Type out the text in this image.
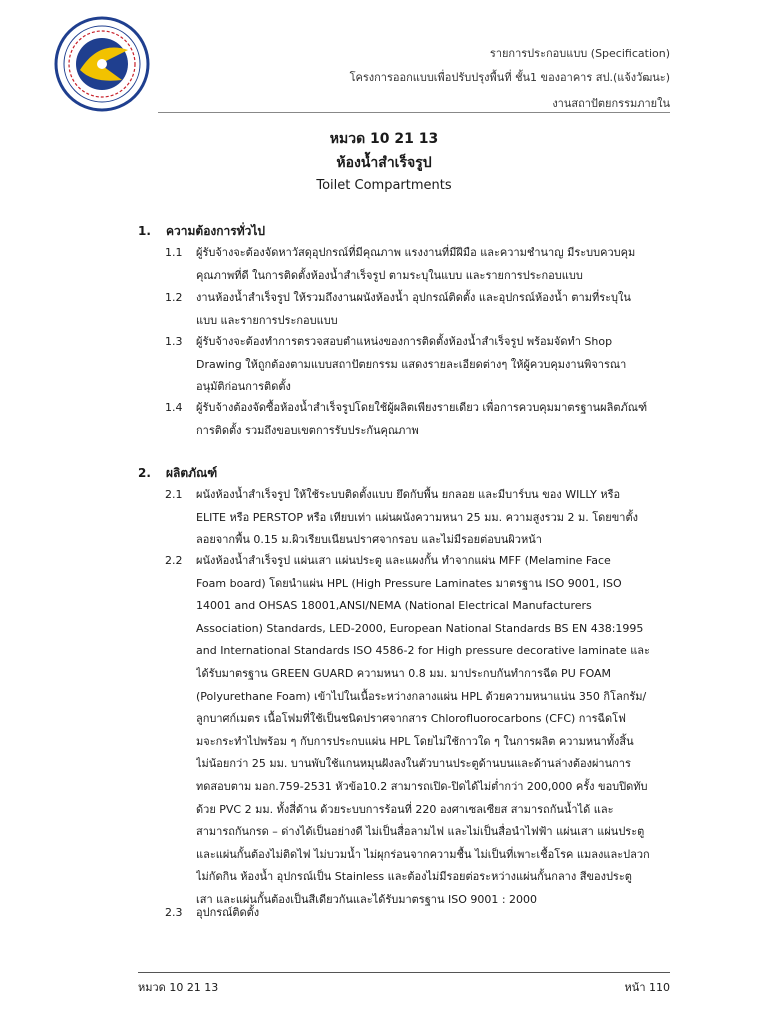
รายการประกอบแบบ (Specification)
โครงการออกแบบเพื่อปรับปรุงพื้นที่ ชั้น1 ของอาคาร สป.(แจ้งวัฒนะ)
งานสถาปัตยกรรมภายใน
หมวด 10 21 13
ห้องน้ำสำเร็จรูป
Toilet Compartments
1. ความต้องการทั่วไป
1.1	ผู้รับจ้างจะต้องจัดหาวัสดุอุปกรณ์ที่มีคุณภาพ แรงงานที่มีฝีมือ และความชำนาญ มีระบบควบคุม
คุณภาพที่ดี ในการติดตั้งห้องน้ำสำเร็จรูป ตามระบุในแบบ และรายการประกอบแบบ
1.2	งานห้องน้ำสำเร็จรูป ให้รวมถึงงานผนังห้องน้ำ อุปกรณ์ติดตั้ง และอุปกรณ์ห้องน้ำ ตามที่ระบุใน
แบบ และรายการประกอบแบบ
1.3	ผู้รับจ้างจะต้องทำการตรวจสอบตำแหน่งของการติดตั้งห้องน้ำสำเร็จรูป พร้อมจัดทำ Shop
Drawing ให้ถูกต้องตามแบบสถาปัตยกรรม แสดงรายละเอียดต่างๆ ให้ผู้ควบคุมงานพิจารณา
อนุมัติก่อนการติดตั้ง
1.4	ผู้รับจ้างต้องจัดซื้อห้องน้ำสำเร็จรูปโดยใช้ผู้ผลิตเพียงรายเดียว เพื่อการควบคุมมาตรฐานผลิตภัณฑ์
การติดตั้ง รวมถึงขอบเขตการรับประกันคุณภาพ
2. ผลิตภัณฑ์
2.1	ผนังห้องน้ำสำเร็จรูป ให้ใช้ระบบติดตั้งแบบ ยึดกับพื้น ยกลอย และมีบาร์บน ของ WILLY หรือ
ELITE หรือ PERSTOP หรือ เทียบเท่า แผ่นผนังความหนา 25 มม. ความสูงรวม 2 ม. โดยขาตั้ง
ลอยจากพื้น 0.15 ม.ผิวเรียบเนียนปราศจากรอบ และไม่มีรอยต่อบนผิวหน้า
2.2	ผนังห้องน้ำสำเร็จรูป แผ่นเสา แผ่นประตู และแผงกั้น ทำจากแผ่น MFF (Melamine Face
Foam board) โดยนำแผ่น HPL (High Pressure Laminates มาตรฐาน ISO 9001, ISO
14001 and OHSAS 18001,ANSI/NEMA (National Electrical Manufacturers
Association) Standards, LED-2000, European National Standards BS EN 438:1995
and International Standards ISO 4586-2 for High pressure decorative laminate และ
ได้รับมาตรฐาน GREEN GUARD ความหนา 0.8 มม. มาประกบกันทำการฉีด PU FOAM
(Polyurethane Foam) เข้าไปในเนื้อระหว่างกลางแผ่น HPL ด้วยความหนาแน่น 350 กิโลกรัม/
ลูกบาศก์เมตร เนื้อโฟมที่ใช้เป็นชนิดปราศจากสาร Chlorofluorocarbons (CFC) การฉีดโฟ
มจะกระทำไปพร้อม ๆ กับการประกบแผ่น HPL โดยไม่ใช้กาวใด ๆ ในการผลิต ความหนาทั้งสิ้น
ไม่น้อยกว่า 25 มม. บานพับใช้แกนหมุนฝังลงในตัวบานประตูด้านบนและด้านล่างต้องผ่านการ
ทดสอบตาม มอก.759-2531 หัวข้อ10.2 สามารถเปิด-ปิดได้ไม่ต่ำกว่า 200,000 ครั้ง ขอบปิดทับ
ด้วย PVC 2 มม. ทั้งสี่ด้าน ด้วยระบบการร้อนที่ 220 องศาเซลเซียส สามารถกันน้ำได้ และ
สามารถกันกรด – ด่างได้เป็นอย่างดี ไม่เป็นสื่อลามไฟ และไม่เป็นสื่อนำไฟฟ้า แผ่นเสา แผ่นประตู
และแผ่นกั้นต้องไม่ติดไฟ ไม่บวมน้ำ ไม่ผุกร่อนจากความชื้น ไม่เป็นที่เพาะเชื้อโรค แมลงและปลวก
ไม่กัดกิน ห้องน้ำ อุปกรณ์เป็น Stainless และต้องไม่มีรอยต่อระหว่างแผ่นกั้นกลาง สีของประตู
เสา และแผ่นกั้นต้องเป็นสีเดียวกันและได้รับมาตรฐาน ISO 9001 : 2000
2.3	อุปกรณ์ติดตั้ง
หมวด 10 21 13	หน้า 110
